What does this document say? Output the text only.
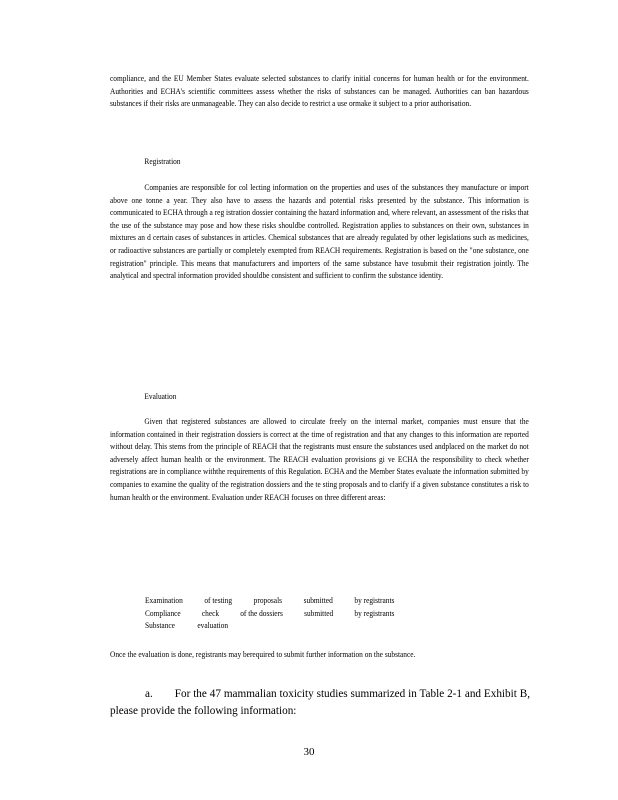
compliance, and the EU Member States evaluate selected substances to clarify initial concerns for human health or for the environment. Authorities and ECHA's scientific committees assess whether the risks of substances can be managed. Authorities can ban hazardous substances if their risks are unmanageable. They can also decide to restrict a use ormake it subject to a prior authorisation.

Registration

Companies are responsible for col lecting information on the properties and uses of the substances they manufacture or import above one tonne a year. They also have to assess the hazards and potential risks presented by the substance. This information is communicated to ECHA through a reg istration dossier containing the hazard information and, where relevant, an assessment of the risks that the use of the substance may pose and how these risks shouldbe controlled. Registration applies to substances on their own, substances in mixtures an d certain cases of substances in articles. Chemical substances that are already regulated by other legislations such as medicines, or radioactive substances are partially or completely exempted from REACH requirements. Registration is based on the "one substance, one registration" principle. This means that manufacturers and importers of the same substance have tosubmit their registration jointly. The analytical and spectral information provided shouldbe consistent and sufficient to confirm the substance identity.

Evaluation

Given that registered substances are allowed to circulate freely on the internal market, companies must ensure that the information contained in their registration dossiers is correct at the time of registration and that any changes to this information are reported without delay. This stems from the principle of REACH that the registrants must ensure the substances used andplaced on the market do not adversely affect human health or the environment. The REACH evaluation provisions gi ve ECHA the responsibility to check whether registrations are in compliance withthe requirements of this Regulation. ECHA and the Member States evaluate the information submitted by companies to examine the quality of the registration dossiers and the te sting proposals and to clarify if a given substance constitutes a risk to human health or the environment. Evaluation under REACH focuses on three different areas:

Examination	of testing	proposals	submitted	by registrants
Compliance check of the dossiers submitted by registrants
Substance	evaluation

Once the evaluation is done, registrants may berequired to submit further information on the substance.

a. For the 47 mammalian toxicity studies summarized in Table 2-1 and Exhibit B, please provide the following information:

30
